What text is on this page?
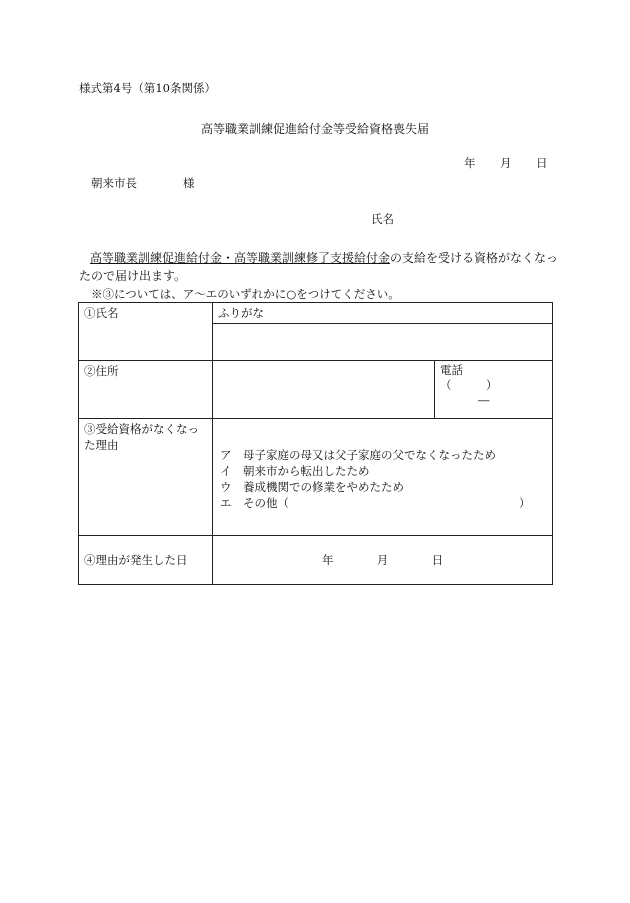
様式第4号（第10条関係）
高等職業訓練促進給付金等受給資格喪失届
年 月 日
朝来市長	様
氏名
高等職業訓練促進給付金・高等職業訓練修了支援給付金の支給を受ける資格がなくなっ
たので届け出ます。
※③については、ア～エのいずれかに○をつけてください。
①氏名	ふりがな	

②住所		電話
（　　　）
―

③受給資格がなくなった理由	ア　母子家庭の母又は父子家庭の父でなくなったため
イ　朝来市から転出したため
ウ　養成機関での修業をやめたため
エ　その他（　　　　　　　　　　　　　　　　　　　　）	

④理由が発生した日	年 月 日	
